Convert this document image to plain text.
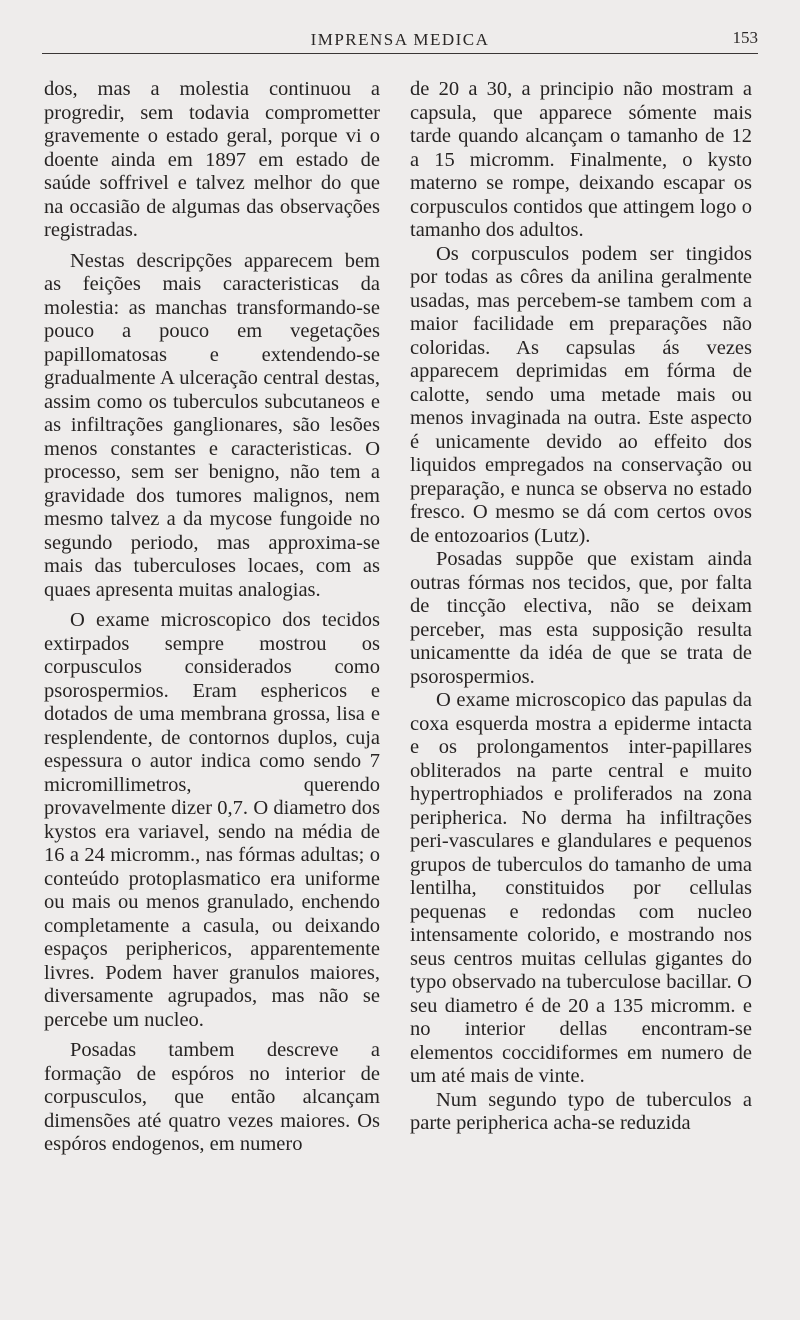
IMPRENSA MEDICA	153

dos, mas a molestia continuou a progredir, sem todavia comprometter gravemente o estado geral, porque vi o doente ainda em 1897 em estado de saúde soffrivel e talvez melhor do que na occasião de algumas das observações registradas.

Nestas descripções apparecem bem as feições mais caracteristicas da molestia: as manchas transformando-se pouco a pouco em vegetações papillomatosas e extendendo-se gradualmente A ulceração central destas, assim como os tuberculos subcutaneos e as infiltrações ganglionares, são lesões menos constantes e caracteristicas. O processo, sem ser benigno, não tem a gravidade dos tumores malignos, nem mesmo talvez a da mycose fungoide no segundo periodo, mas approxima-se mais das tuberculoses locaes, com as quaes apresenta muitas analogias.

O exame microscopico dos tecidos extirpados sempre mostrou os corpusculos considerados como psorospermios. Eram esphericos e dotados de uma membrana grossa, lisa e resplendente, de contornos duplos, cuja espessura o autor indica como sendo 7 micromillimetros, querendo provavelmente dizer 0,7. O diametro dos kystos era variavel, sendo na média de 16 a 24 micromm., nas fórmas adultas; o conteúdo protoplasmatico era uniforme ou mais ou menos granulado, enchendo completamente a casula, ou deixando espaços periphericos, apparentemente livres. Podem haver granulos maiores, diversamente agrupados, mas não se percebe um nucleo.

Posadas tambem descreve a formação de espóros no interior de corpusculos, que então alcançam dimensões até quatro vezes maiores. Os espóros endogenos, em numero

de 20 a 30, a principio não mostram a capsula, que apparece sómente mais tarde quando alcançam o tamanho de 12 a 15 micromm. Finalmente, o kysto materno se rompe, deixando escapar os corpusculos contidos que attingem logo o tamanho dos adultos.

Os corpusculos podem ser tingidos por todas as côres da anilina geralmente usadas, mas percebem-se tambem com a maior facilidade em preparações não coloridas. As capsulas ás vezes apparecem deprimidas em fórma de calotte, sendo uma metade mais ou menos invaginada na outra. Este aspecto é unicamente devido ao effeito dos liquidos empregados na conservação ou preparação, e nunca se observa no estado fresco. O mesmo se dá com certos ovos de entozoarios (Lutz).

Posadas suppõe que existam ainda outras fórmas nos tecidos, que, por falta de tincção electiva, não se deixam perceber, mas esta supposição resulta unicamentte da idéa de que se trata de psorospermios.

O exame microscopico das papulas da coxa esquerda mostra a epiderme intacta e os prolongamentos inter-papillares obliterados na parte central e muito hypertrophiados e proliferados na zona peripherica. No derma ha infiltrações peri-vasculares e glandulares e pequenos grupos de tuberculos do tamanho de uma lentilha, constituidos por cellulas pequenas e redondas com nucleo intensamente colorido, e mostrando nos seus centros muitas cellulas gigantes do typo observado na tuberculose bacillar. O seu diametro é de 20 a 135 micromm. e no interior dellas encontram-se elementos coccidiformes em numero de um até mais de vinte.

Num segundo typo de tuberculos a parte peripherica acha-se reduzida
